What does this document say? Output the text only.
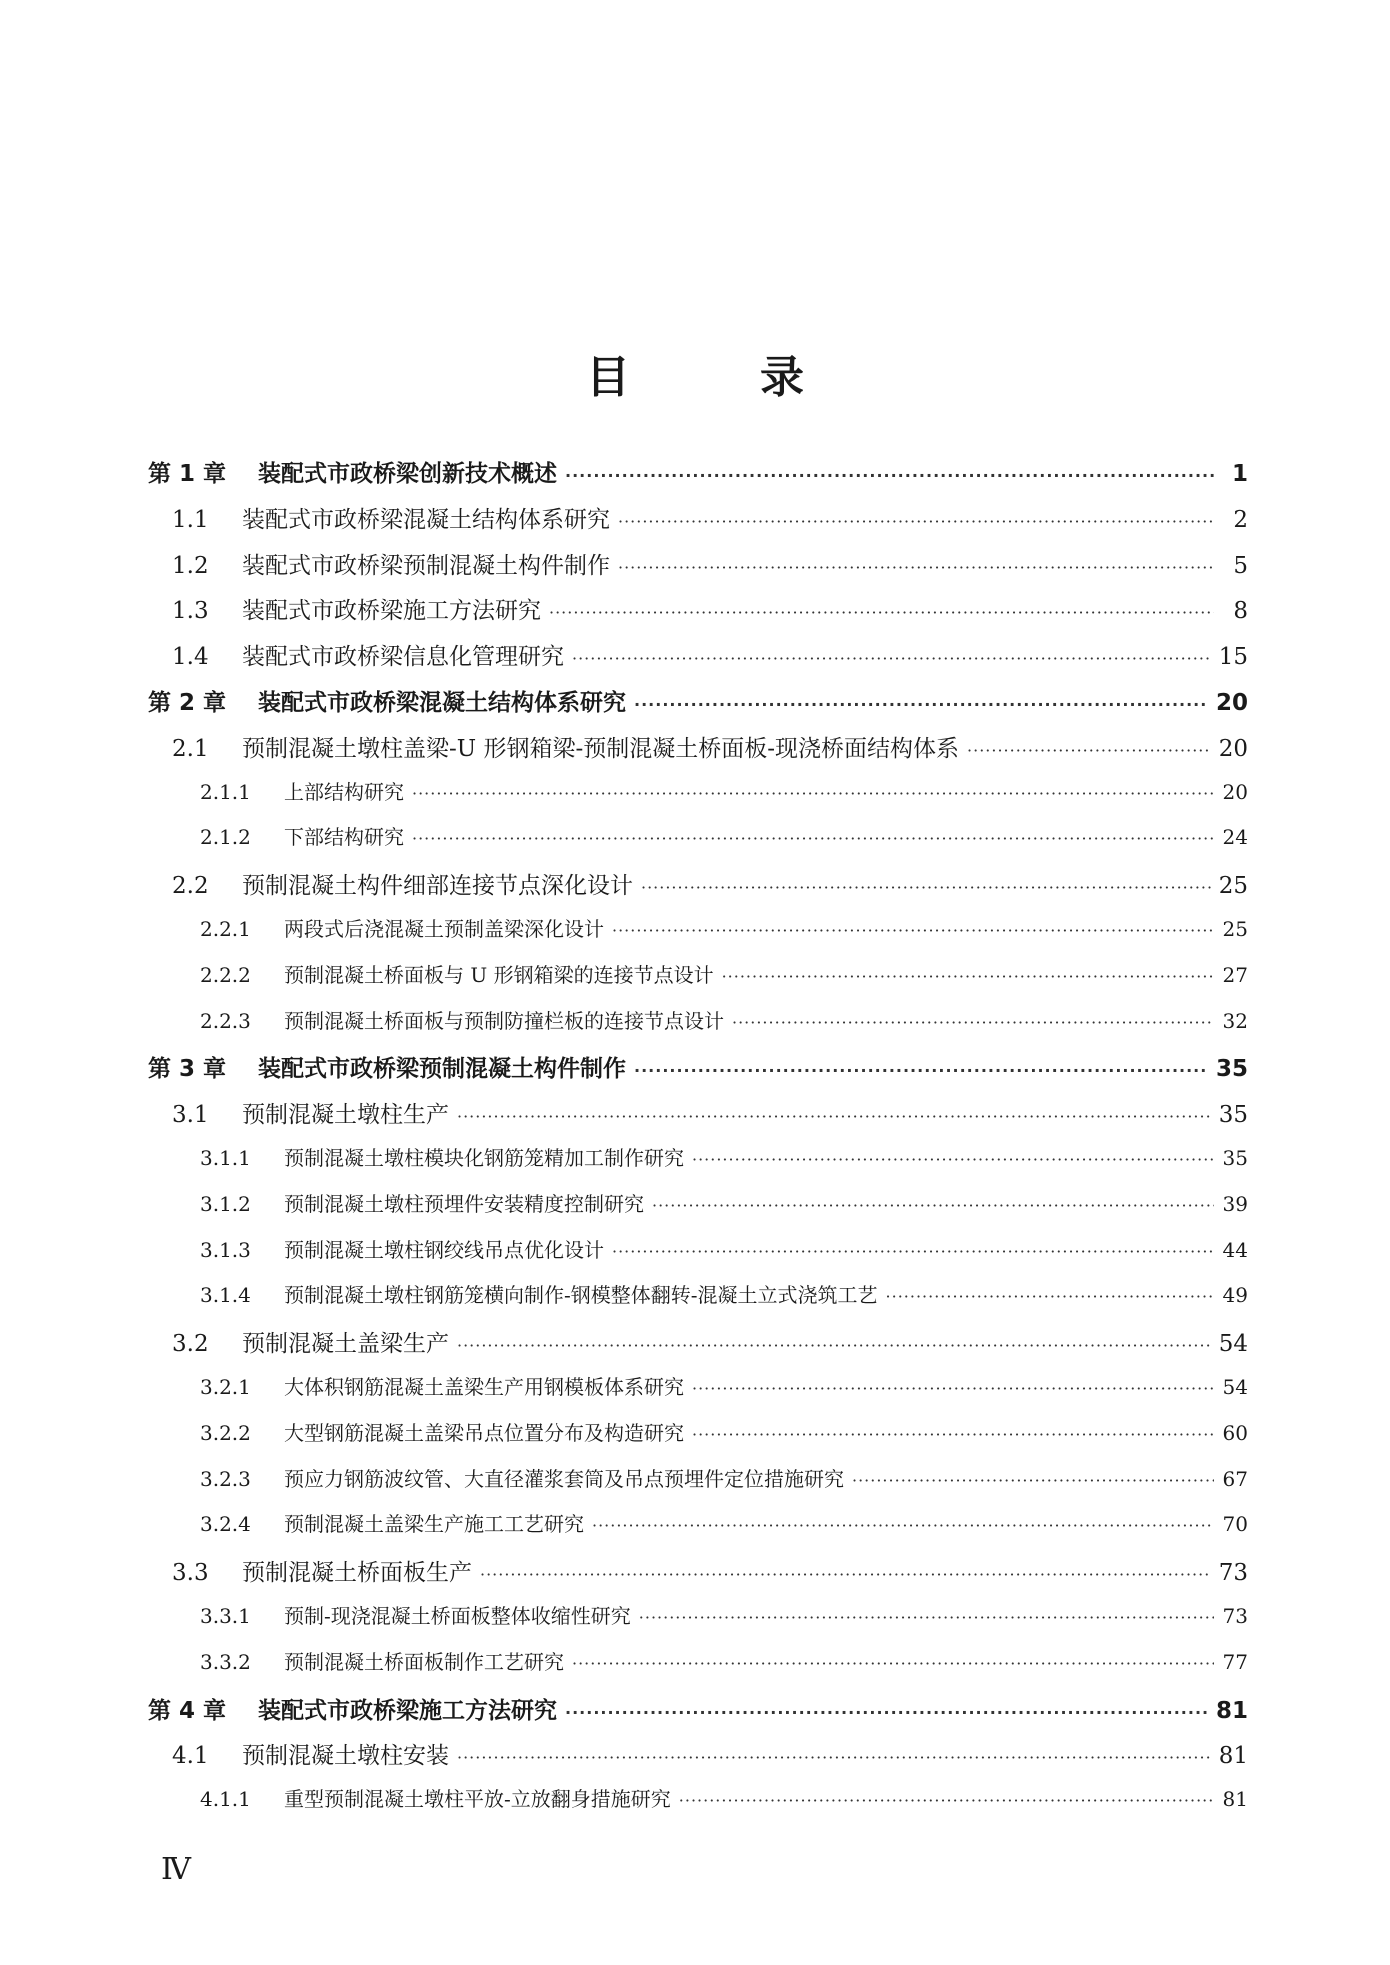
目录
第 1 章	装配式市政桥梁创新技术概述 ·····	1
1.1	装配式市政桥梁混凝土结构体系研究 ·····	2
1.2	装配式市政桥梁预制混凝土构件制作 ·····	5
1.3	装配式市政桥梁施工方法研究 ·····	8
1.4	装配式市政桥梁信息化管理研究 ·····	15
第 2 章	装配式市政桥梁混凝土结构体系研究 ·····	20
2.1	预制混凝土墩柱盖梁-U 形钢箱梁-预制混凝土桥面板-现浇桥面结构体系 ·····	20
2.1.1	上部结构研究 ·····	20
2.1.2	下部结构研究 ·····	24
2.2	预制混凝土构件细部连接节点深化设计 ·····	25
2.2.1	两段式后浇混凝土预制盖梁深化设计 ·····	25
2.2.2	预制混凝土桥面板与 U 形钢箱梁的连接节点设计 ·····	27
2.2.3	预制混凝土桥面板与预制防撞栏板的连接节点设计 ·····	32
第 3 章	装配式市政桥梁预制混凝土构件制作 ·····	35
3.1	预制混凝土墩柱生产 ·····	35
3.1.1	预制混凝土墩柱模块化钢筋笼精加工制作研究 ·····	35
3.1.2	预制混凝土墩柱预埋件安装精度控制研究 ·····	39
3.1.3	预制混凝土墩柱钢绞线吊点优化设计 ·····	44
3.1.4	预制混凝土墩柱钢筋笼横向制作-钢模整体翻转-混凝土立式浇筑工艺 ·····	49
3.2	预制混凝土盖梁生产 ·····	54
3.2.1	大体积钢筋混凝土盖梁生产用钢模板体系研究 ·····	54
3.2.2	大型钢筋混凝土盖梁吊点位置分布及构造研究 ·····	60
3.2.3	预应力钢筋波纹管、大直径灌浆套筒及吊点预埋件定位措施研究 ·····	67
3.2.4	预制混凝土盖梁生产施工工艺研究 ·····	70
3.3	预制混凝土桥面板生产 ·····	73
3.3.1	预制-现浇混凝土桥面板整体收缩性研究 ·····	73
3.3.2	预制混凝土桥面板制作工艺研究 ·····	77
第 4 章	装配式市政桥梁施工方法研究 ·····	81
4.1	预制混凝土墩柱安装 ·····	81
4.1.1	重型预制混凝土墩柱平放-立放翻身措施研究 ·····	81
Ⅳ
